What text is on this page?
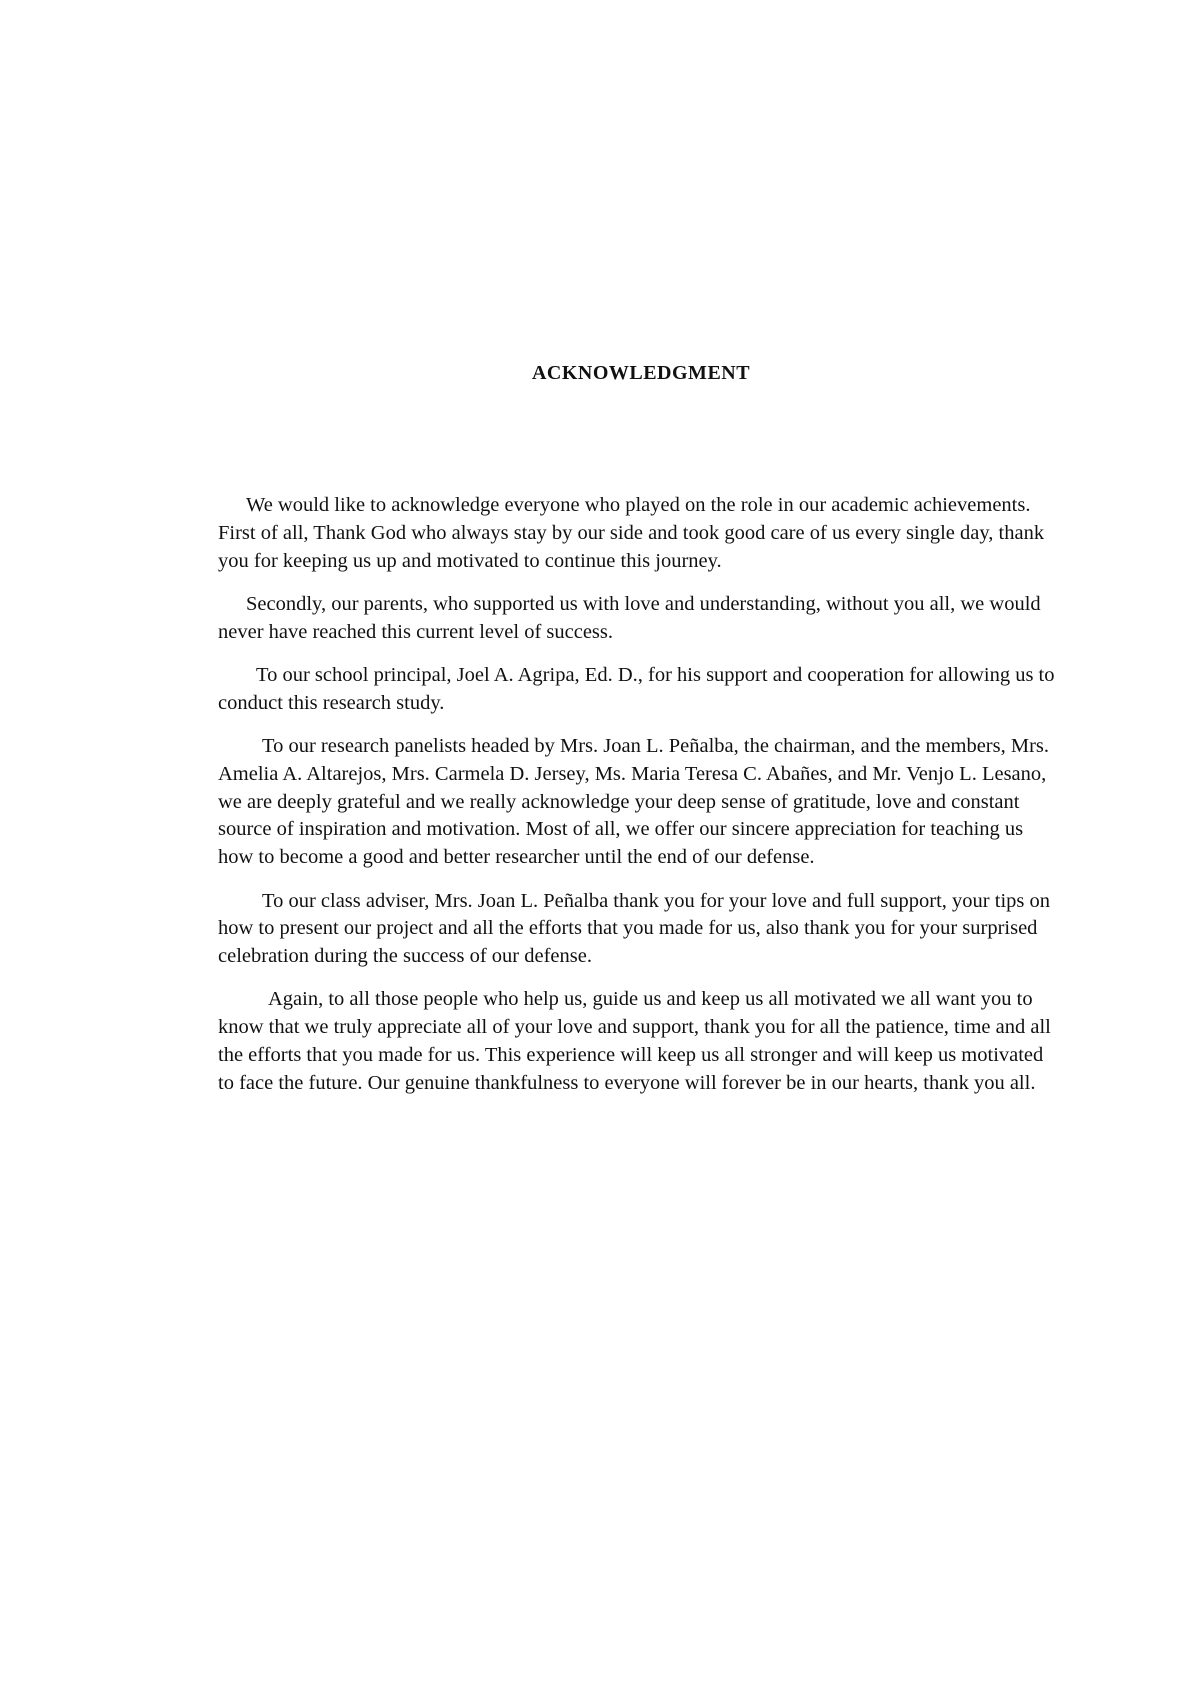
ACKNOWLEDGMENT

We would like to acknowledge everyone who played on the role in our academic achievements. First of all, Thank God who always stay by our side and took good care of us every single day, thank you for keeping us up and motivated to continue this journey.

Secondly, our parents, who supported us with love and understanding, without you all, we would never have reached this current level of success.

To our school principal, Joel A. Agripa, Ed. D., for his support and cooperation for allowing us to conduct this research study.

To our research panelists headed by Mrs. Joan L. Peñalba, the chairman, and the members, Mrs. Amelia A. Altarejos, Mrs. Carmela D. Jersey, Ms. Maria Teresa C. Abañes, and Mr. Venjo L. Lesano, we are deeply grateful and we really acknowledge your deep sense of gratitude, love and constant source of inspiration and motivation. Most of all, we offer our sincere appreciation for teaching us how to become a good and better researcher until the end of our defense.

To our class adviser, Mrs. Joan L. Peñalba thank you for your love and full support, your tips on how to present our project and all the efforts that you made for us, also thank you for your surprised celebration during the success of our defense.

Again, to all those people who help us, guide us and keep us all motivated we all want you to know that we truly appreciate all of your love and support, thank you for all the patience, time and all the efforts that you made for us. This experience will keep us all stronger and will keep us motivated to face the future. Our genuine thankfulness to everyone will forever be in our hearts, thank you all.
